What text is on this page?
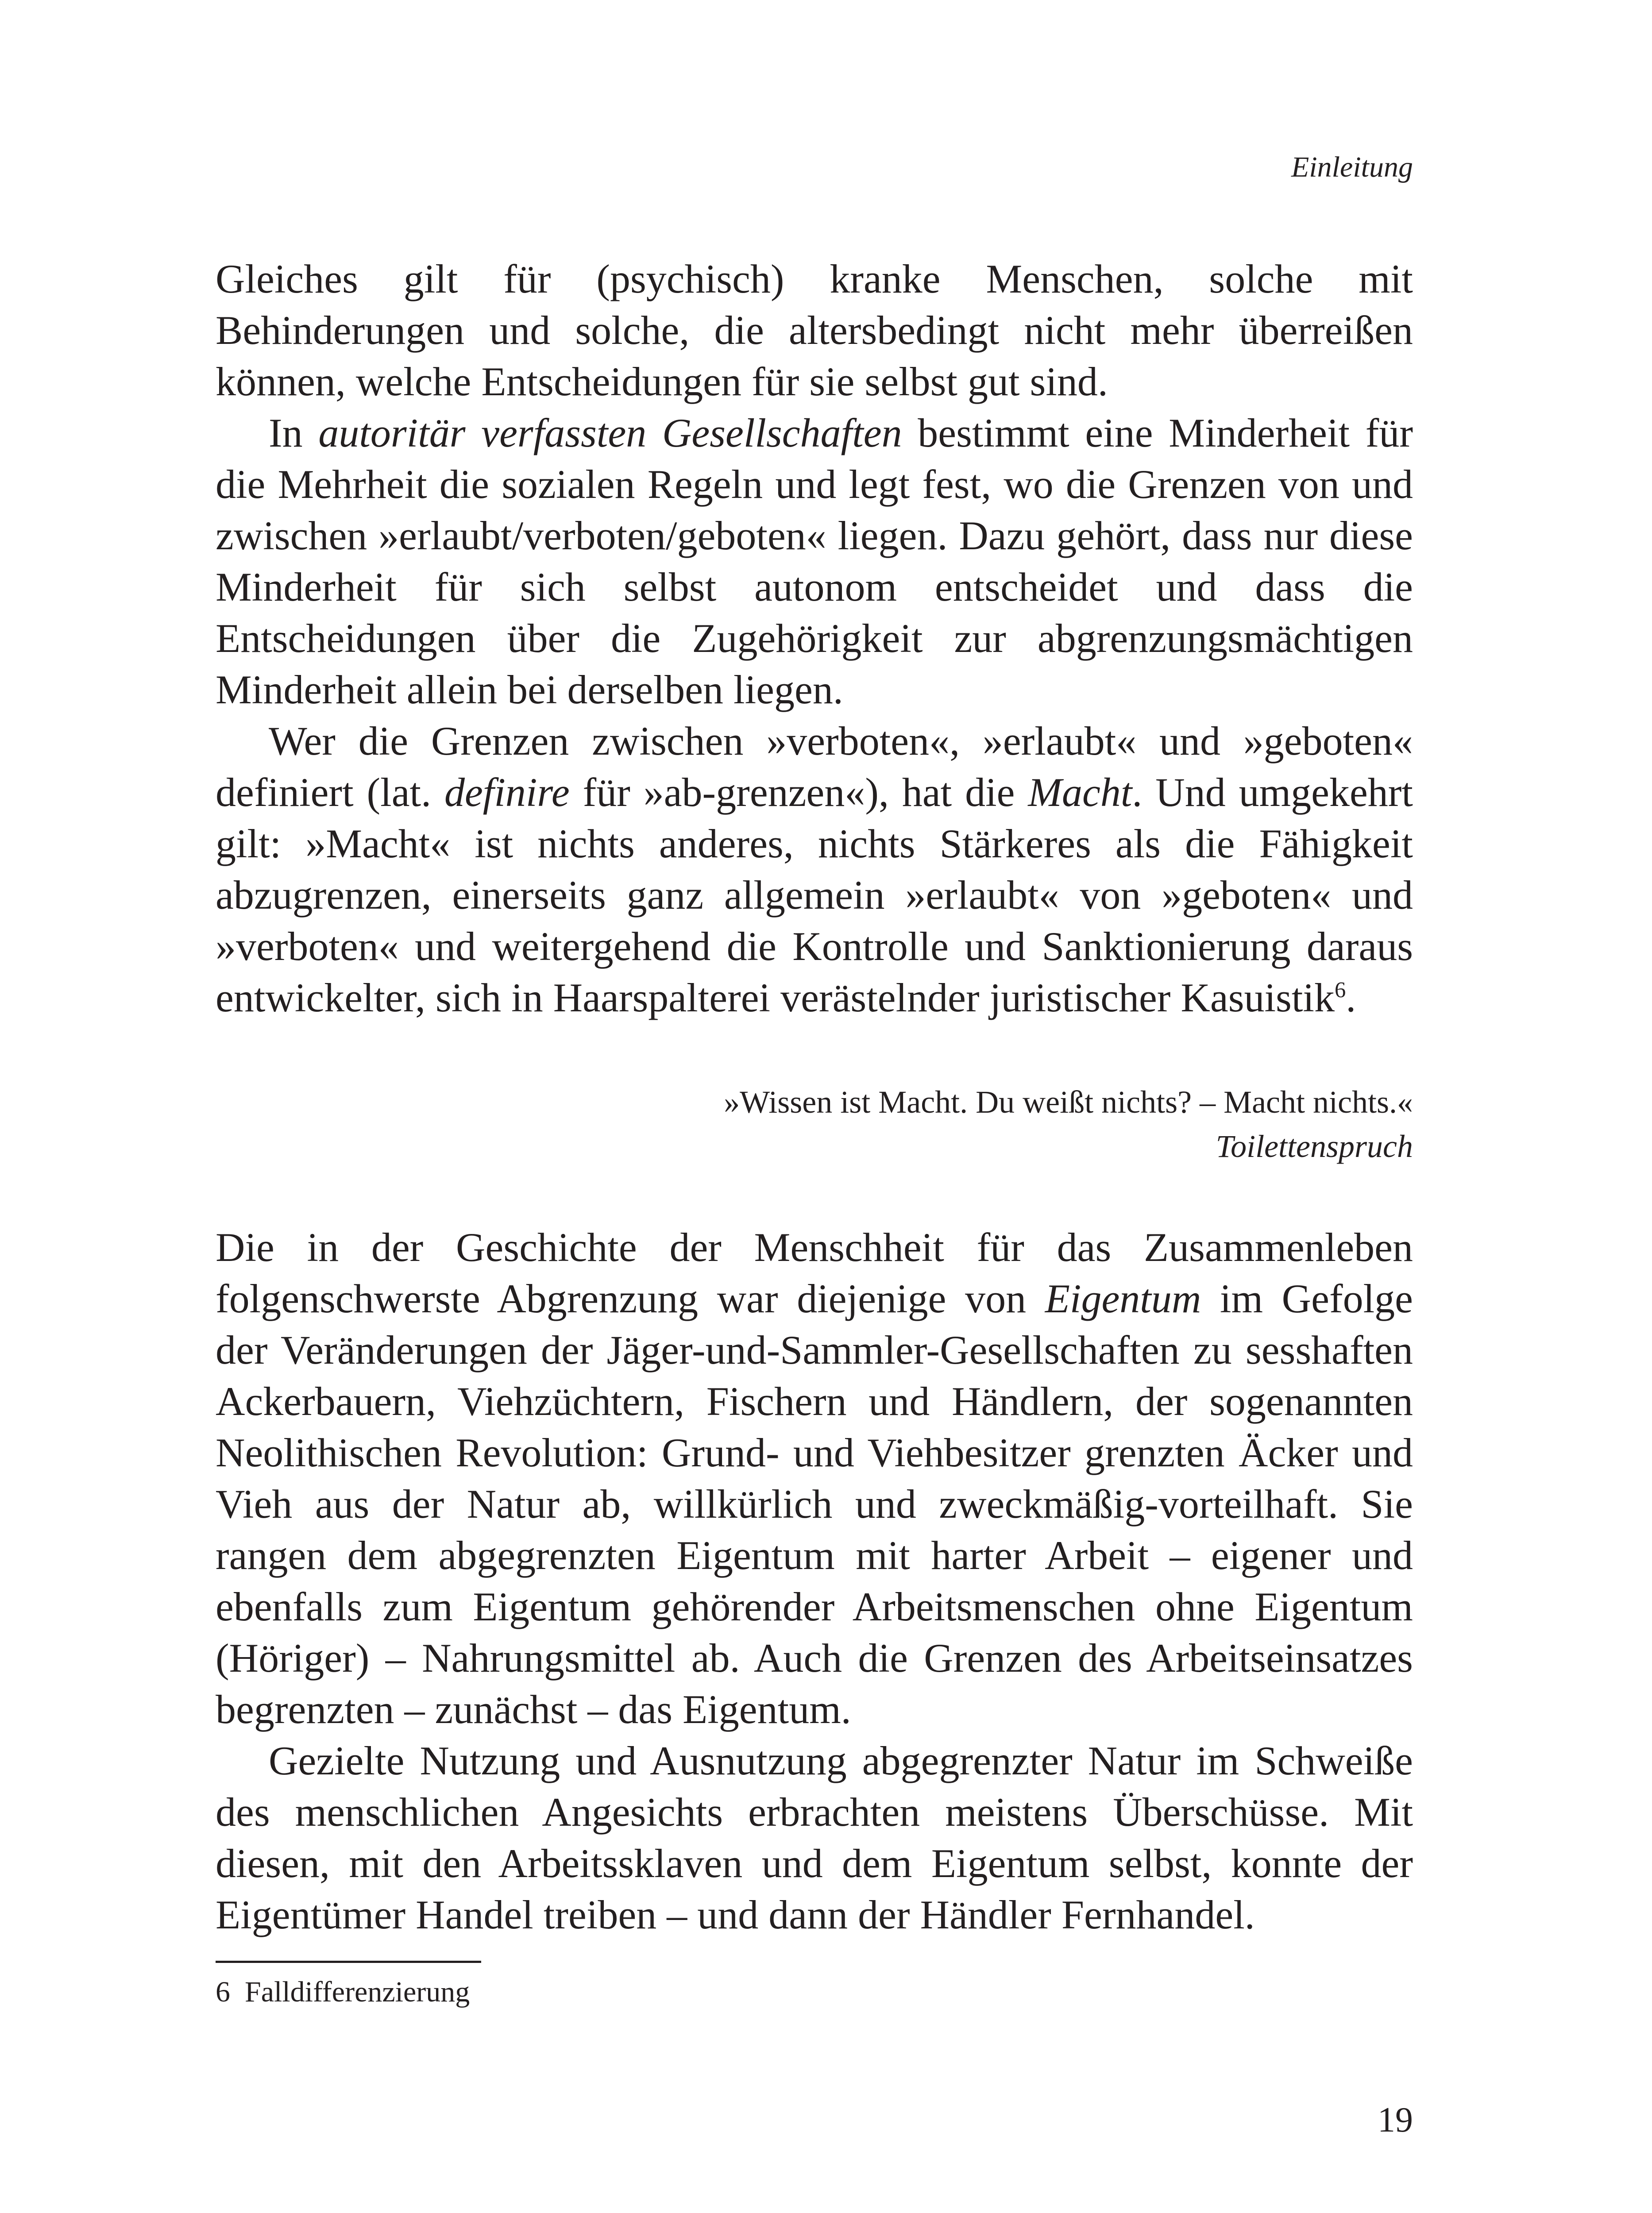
Einleitung

Gleiches gilt für (psychisch) kranke Menschen, solche mit Behinderungen und solche, die altersbedingt nicht mehr überreißen können, welche Entscheidungen für sie selbst gut sind.

In autoritär verfassten Gesellschaften bestimmt eine Minderheit für die Mehrheit die sozialen Regeln und legt fest, wo die Grenzen von und zwischen »erlaubt/verboten/geboten« liegen. Dazu gehört, dass nur diese Minderheit für sich selbst autonom entscheidet und dass die Entscheidungen über die Zugehörigkeit zur abgrenzungsmächtigen Minderheit allein bei derselben liegen.

Wer die Grenzen zwischen »verboten«, »erlaubt« und »geboten« definiert (lat. definire für »ab-grenzen«), hat die Macht. Und umgekehrt gilt: »Macht« ist nichts anderes, nichts Stärkeres als die Fähigkeit abzugrenzen, einerseits ganz allgemein »erlaubt« von »geboten« und »verboten« und weitergehend die Kontrolle und Sanktionierung daraus entwickelter, sich in Haarspalterei verästelnder juristischer Kasuistik$^6$.

»Wissen ist Macht. Du weißt nichts? – Macht nichts.«
Toilettenspruch

Die in der Geschichte der Menschheit für das Zusammenleben folgenschwerste Abgrenzung war diejenige von Eigentum im Gefolge der Veränderungen der Jäger-und-Sammler-Gesellschaften zu sesshaften Ackerbauern, Viehzüchtern, Fischern und Händlern, der sogenannten Neolithischen Revolution: Grund- und Viehbesitzer grenzten Äcker und Vieh aus der Natur ab, willkürlich und zweckmäßig-vorteilhaft. Sie rangen dem abgegrenzten Eigentum mit harter Arbeit – eigener und ebenfalls zum Eigentum gehörender Arbeitsmenschen ohne Eigentum (Höriger) – Nahrungsmittel ab. Auch die Grenzen des Arbeitseinsatzes begrenzten – zunächst – das Eigentum.

Gezielte Nutzung und Ausnutzung abgegrenzter Natur im Schweiße des menschlichen Angesichts erbrachten meistens Überschüsse. Mit diesen, mit den Arbeitssklaven und dem Eigentum selbst, konnte der Eigentümer Handel treiben – und dann der Händler Fernhandel.

6 Falldifferenzierung
19
